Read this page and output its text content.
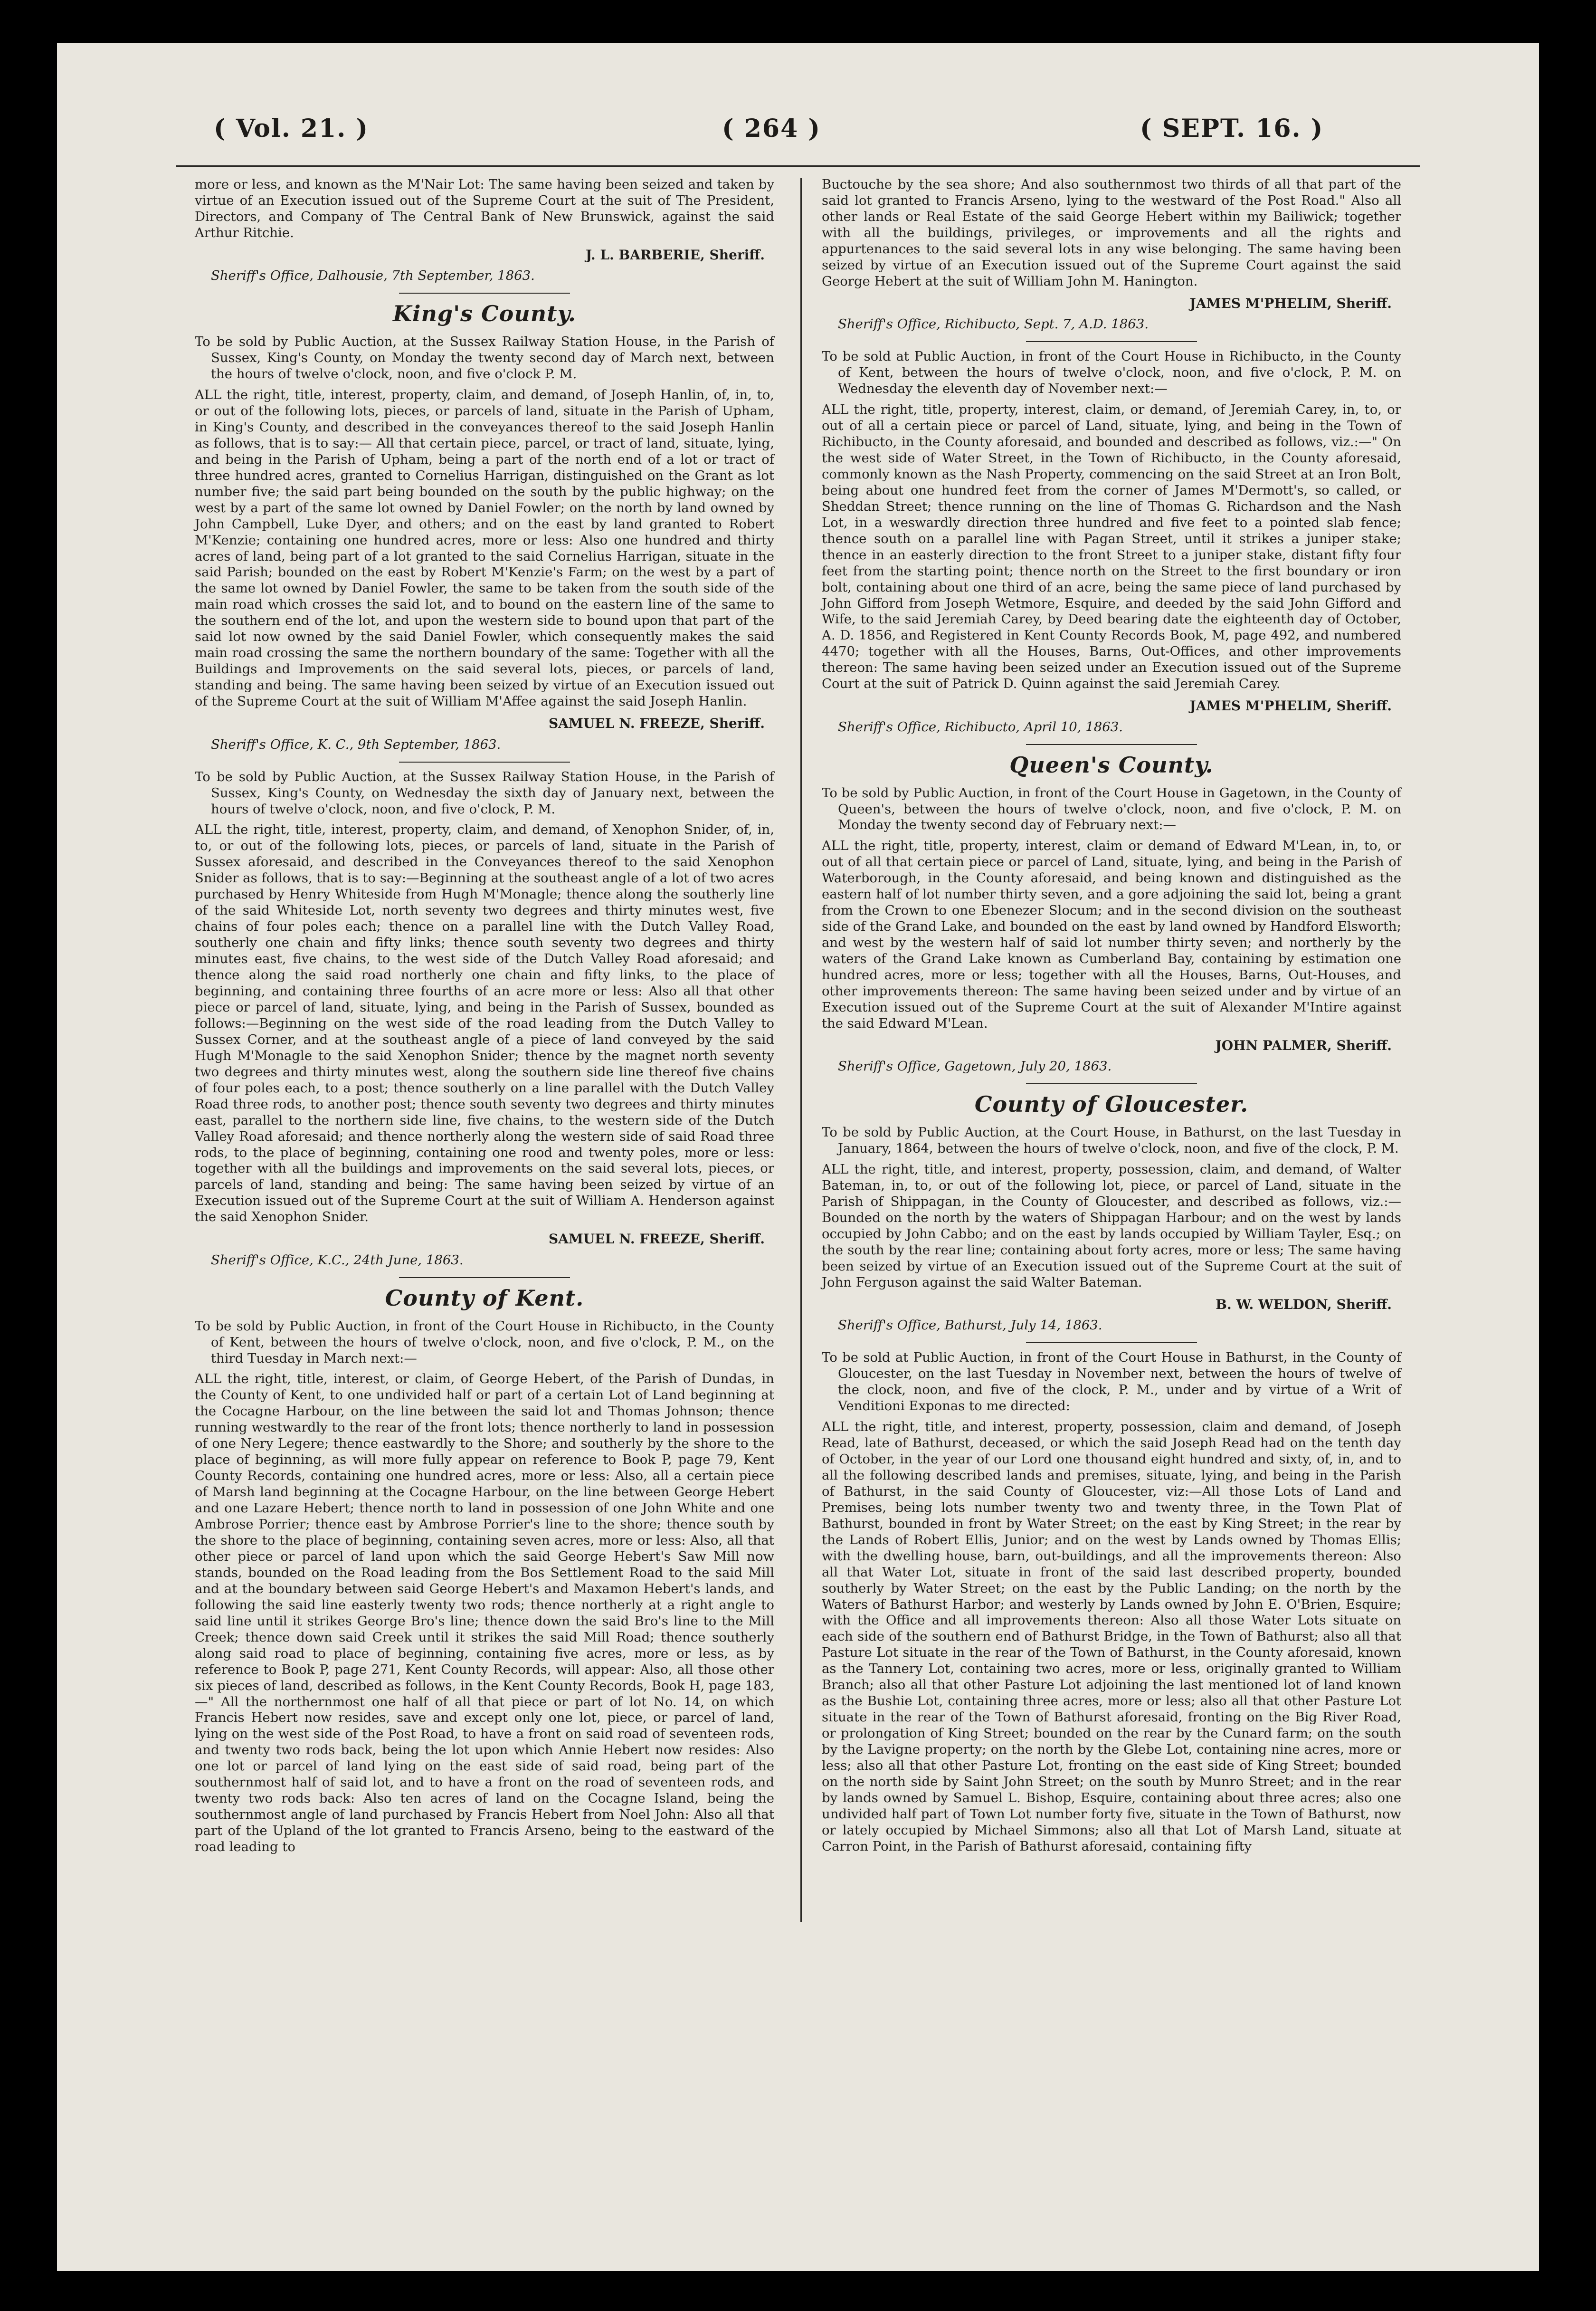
( Vol. 21. )	( 264 )	( SEPT. 16. )

more or less, and known as the M'Nair Lot: The same having been seized and taken by virtue of an Execution issued out of the Supreme Court at the suit of The President, Directors, and Company of The Central Bank of New Brunswick, against the said Arthur Ritchie.

J. L. BARBERIE, Sheriff.

Sheriff's Office, Dalhousie, 7th September, 1863.

King's County.

To be sold by Public Auction, at the Sussex Railway Station House, in the Parish of Sussex, King's County, on Monday the twenty second day of March next, between the hours of twelve o'clock, noon, and five o'clock P. M.

ALL the right, title, interest, property, claim, and demand, of Joseph Hanlin, of, in, to, or out of the following lots, pieces, or parcels of land, situate in the Parish of Upham, in King's County, and described in the conveyances thereof to the said Joseph Hanlin as follows, that is to say:— All that certain piece, parcel, or tract of land, situate, lying, and being in the Parish of Upham, being a part of the north end of a lot or tract of three hundred acres, granted to Cornelius Harrigan, distinguished on the Grant as lot number five; the said part being bounded on the south by the public highway; on the west by a part of the same lot owned by Daniel Fowler; on the north by land owned by John Campbell, Luke Dyer, and others; and on the east by land granted to Robert M'Kenzie; containing one hundred acres, more or less: Also one hundred and thirty acres of land, being part of a lot granted to the said Cornelius Harrigan, situate in the said Parish; bounded on the east by Robert M'Kenzie's Farm; on the west by a part of the same lot owned by Daniel Fowler, the same to be taken from the south side of the main road which crosses the said lot, and to bound on the eastern line of the same to the southern end of the lot, and upon the western side to bound upon that part of the said lot now owned by the said Daniel Fowler, which consequently makes the said main road crossing the same the northern boundary of the same: Together with all the Buildings and Improvements on the said several lots, pieces, or parcels of land, standing and being. The same having been seized by virtue of an Execution issued out of the Supreme Court at the suit of William M'Affee against the said Joseph Hanlin.

SAMUEL N. FREEZE, Sheriff.

Sheriff's Office, K. C., 9th September, 1863.

To be sold by Public Auction, at the Sussex Railway Station House, in the Parish of Sussex, King's County, on Wednesday the sixth day of January next, between the hours of twelve o'clock, noon, and five o'clock, P. M.

ALL the right, title, interest, property, claim, and demand, of Xenophon Snider, of, in, to, or out of the following lots, pieces, or parcels of land, situate in the Parish of Sussex aforesaid, and described in the Conveyances thereof to the said Xenophon Snider as follows, that is to say:—Beginning at the southeast angle of a lot of two acres purchased by Henry Whiteside from Hugh M'Monagle; thence along the southerly line of the said Whiteside Lot, north seventy two degrees and thirty minutes west, five chains of four poles each; thence on a parallel line with the Dutch Valley Road, southerly one chain and fifty links; thence south seventy two degrees and thirty minutes east, five chains, to the west side of the Dutch Valley Road aforesaid; and thence along the said road northerly one chain and fifty links, to the place of beginning, and containing three fourths of an acre more or less: Also all that other piece or parcel of land, situate, lying, and being in the Parish of Sussex, bounded as follows:—Beginning on the west side of the road leading from the Dutch Valley to Sussex Corner, and at the southeast angle of a piece of land conveyed by the said Hugh M'Monagle to the said Xenophon Snider; thence by the magnet north seventy two degrees and thirty minutes west, along the southern side line thereof five chains of four poles each, to a post; thence southerly on a line parallel with the Dutch Valley Road three rods, to another post; thence south seventy two degrees and thirty minutes east, parallel to the northern side line, five chains, to the western side of the Dutch Valley Road aforesaid; and thence northerly along the western side of said Road three rods, to the place of beginning, containing one rood and twenty poles, more or less: together with all the buildings and improvements on the said several lots, pieces, or parcels of land, standing and being: The same having been seized by virtue of an Execution issued out of the Supreme Court at the suit of William A. Henderson against the said Xenophon Snider.

SAMUEL N. FREEZE, Sheriff.

Sheriff's Office, K.C., 24th June, 1863.

County of Kent.

To be sold by Public Auction, in front of the Court House in Richibucto, in the County of Kent, between the hours of twelve o'clock, noon, and five o'clock, P. M., on the third Tuesday in March next:—

ALL the right, title, interest, or claim, of George Hebert, of the Parish of Dundas, in the County of Kent, to one undivided half or part of a certain Lot of Land beginning at the Cocagne Harbour, on the line between the said lot and Thomas Johnson; thence running westwardly to the rear of the front lots; thence northerly to land in possession of one Nery Legere; thence eastwardly to the Shore; and southerly by the shore to the place of beginning, as will more fully appear on reference to Book P, page 79, Kent County Records, containing one hundred acres, more or less: Also, all a certain piece of Marsh land beginning at the Cocagne Harbour, on the line between George Hebert and one Lazare Hebert; thence north to land in possession of one John White and one Ambrose Porrier; thence east by Ambrose Porrier's line to the shore; thence south by the shore to the place of beginning, containing seven acres, more or less: Also, all that other piece or parcel of land upon which the said George Hebert's Saw Mill now stands, bounded on the Road leading from the Bos Settlement Road to the said Mill and at the boundary between said George Hebert's and Maxamon Hebert's lands, and following the said line easterly twenty two rods; thence northerly at a right angle to said line until it strikes George Bro's line; thence down the said Bro's line to the Mill Creek; thence down said Creek until it strikes the said Mill Road; thence southerly along said road to place of beginning, containing five acres, more or less, as by reference to Book P, page 271, Kent County Records, will appear: Also, all those other six pieces of land, described as follows, in the Kent County Records, Book H, page 183,—" All the northernmost one half of all that piece or part of lot No. 14, on which Francis Hebert now resides, save and except only one lot, piece, or parcel of land, lying on the west side of the Post Road, to have a front on said road of seventeen rods, and twenty two rods back, being the lot upon which Annie Hebert now resides: Also one lot or parcel of land lying on the east side of said road, being part of the southernmost half of said lot, and to have a front on the road of seventeen rods, and twenty two rods back: Also ten acres of land on the Cocagne Island, being the southernmost angle of land purchased by Francis Hebert from Noel John: Also all that part of the Upland of the lot granted to Francis Arseno, being to the eastward of the road leading to

Buctouche by the sea shore; And also southernmost two thirds of all that part of the said lot granted to Francis Arseno, lying to the westward of the Post Road." Also all other lands or Real Estate of the said George Hebert within my Bailiwick; together with all the buildings, privileges, or improvements and all the rights and appurtenances to the said several lots in any wise belonging. The same having been seized by virtue of an Execution issued out of the Supreme Court against the said George Hebert at the suit of William John M. Hanington.

JAMES M'PHELIM, Sheriff.

Sheriff's Office, Richibucto, Sept. 7, A.D. 1863.

To be sold at Public Auction, in front of the Court House in Richibucto, in the County of Kent, between the hours of twelve o'clock, noon, and five o'clock, P. M. on Wednesday the eleventh day of November next:—

ALL the right, title, property, interest, claim, or demand, of Jeremiah Carey, in, to, or out of all a certain piece or parcel of Land, situate, lying, and being in the Town of Richibucto, in the County aforesaid, and bounded and described as follows, viz.:—" On the west side of Water Street, in the Town of Richibucto, in the County aforesaid, commonly known as the Nash Property, commencing on the said Street at an Iron Bolt, being about one hundred feet from the corner of James M'Dermott's, so called, or Sheddan Street; thence running on the line of Thomas G. Richardson and the Nash Lot, in a weswardly direction three hundred and five feet to a pointed slab fence; thence south on a parallel line with Pagan Street, until it strikes a juniper stake; thence in an easterly direction to the front Street to a juniper stake, distant fifty four feet from the starting point; thence north on the Street to the first boundary or iron bolt, containing about one third of an acre, being the same piece of land purchased by John Gifford from Joseph Wetmore, Esquire, and deeded by the said John Gifford and Wife, to the said Jeremiah Carey, by Deed bearing date the eighteenth day of October, A. D. 1856, and Registered in Kent County Records Book, M, page 492, and numbered 4470; together with all the Houses, Barns, Out-Offices, and other improvements thereon: The same having been seized under an Execution issued out of the Supreme Court at the suit of Patrick D. Quinn against the said Jeremiah Carey.

JAMES M'PHELIM, Sheriff.

Sheriff's Office, Richibucto, April 10, 1863.

Queen's County.

To be sold by Public Auction, in front of the Court House in Gagetown, in the County of Queen's, between the hours of twelve o'clock, noon, and five o'clock, P. M. on Monday the twenty second day of February next:—

ALL the right, title, property, interest, claim or demand of Edward M'Lean, in, to, or out of all that certain piece or parcel of Land, situate, lying, and being in the Parish of Waterborough, in the County aforesaid, and being known and distinguished as the eastern half of lot number thirty seven, and a gore adjoining the said lot, being a grant from the Crown to one Ebenezer Slocum; and in the second division on the southeast side of the Grand Lake, and bounded on the east by land owned by Handford Elsworth; and west by the western half of said lot number thirty seven; and northerly by the waters of the Grand Lake known as Cumberland Bay, containing by estimation one hundred acres, more or less; together with all the Houses, Barns, Out-Houses, and other improvements thereon: The same having been seized under and by virtue of an Execution issued out of the Supreme Court at the suit of Alexander M'Intire against the said Edward M'Lean.

JOHN PALMER, Sheriff.

Sheriff's Office, Gagetown, July 20, 1863.

County of Gloucester.

To be sold by Public Auction, at the Court House, in Bathurst, on the last Tuesday in January, 1864, between the hours of twelve o'clock, noon, and five of the clock, P. M.

ALL the right, title, and interest, property, possession, claim, and demand, of Walter Bateman, in, to, or out of the following lot, piece, or parcel of Land, situate in the Parish of Shippagan, in the County of Gloucester, and described as follows, viz.:—Bounded on the north by the waters of Shippagan Harbour; and on the west by lands occupied by John Cabbo; and on the east by lands occupied by William Tayler, Esq.; on the south by the rear line; containing about forty acres, more or less; The same having been seized by virtue of an Execution issued out of the Supreme Court at the suit of John Ferguson against the said Walter Bateman.

B. W. WELDON, Sheriff.

Sheriff's Office, Bathurst, July 14, 1863.

To be sold at Public Auction, in front of the Court House in Bathurst, in the County of Gloucester, on the last Tuesday in November next, between the hours of twelve of the clock, noon, and five of the clock, P. M., under and by virtue of a Writ of Venditioni Exponas to me directed:

ALL the right, title, and interest, property, possession, claim and demand, of Joseph Read, late of Bathurst, deceased, or which the said Joseph Read had on the tenth day of October, in the year of our Lord one thousand eight hundred and sixty, of, in, and to all the following described lands and premises, situate, lying, and being in the Parish of Bathurst, in the said County of Gloucester, viz:—All those Lots of Land and Premises, being lots number twenty two and twenty three, in the Town Plat of Bathurst, bounded in front by Water Street; on the east by King Street; in the rear by the Lands of Robert Ellis, Junior; and on the west by Lands owned by Thomas Ellis; with the dwelling house, barn, out-buildings, and all the improvements thereon: Also all that Water Lot, situate in front of the said last described property, bounded southerly by Water Street; on the east by the Public Landing; on the north by the Waters of Bathurst Harbor; and westerly by Lands owned by John E. O'Brien, Esquire; with the Office and all improvements thereon: Also all those Water Lots situate on each side of the southern end of Bathurst Bridge, in the Town of Bathurst; also all that Pasture Lot situate in the rear of the Town of Bathurst, in the County aforesaid, known as the Tannery Lot, containing two acres, more or less, originally granted to William Branch; also all that other Pasture Lot adjoining the last mentioned lot of land known as the Bushie Lot, containing three acres, more or less; also all that other Pasture Lot situate in the rear of the Town of Bathurst aforesaid, fronting on the Big River Road, or prolongation of King Street; bounded on the rear by the Cunard farm; on the south by the Lavigne property; on the north by the Glebe Lot, containing nine acres, more or less; also all that other Pasture Lot, fronting on the east side of King Street; bounded on the north side by Saint John Street; on the south by Munro Street; and in the rear by lands owned by Samuel L. Bishop, Esquire, containing about three acres; also one undivided half part of Town Lot number forty five, situate in the Town of Bathurst, now or lately occupied by Michael Simmons; also all that Lot of Marsh Land, situate at Carron Point, in the Parish of Bathurst aforesaid, containing fifty
